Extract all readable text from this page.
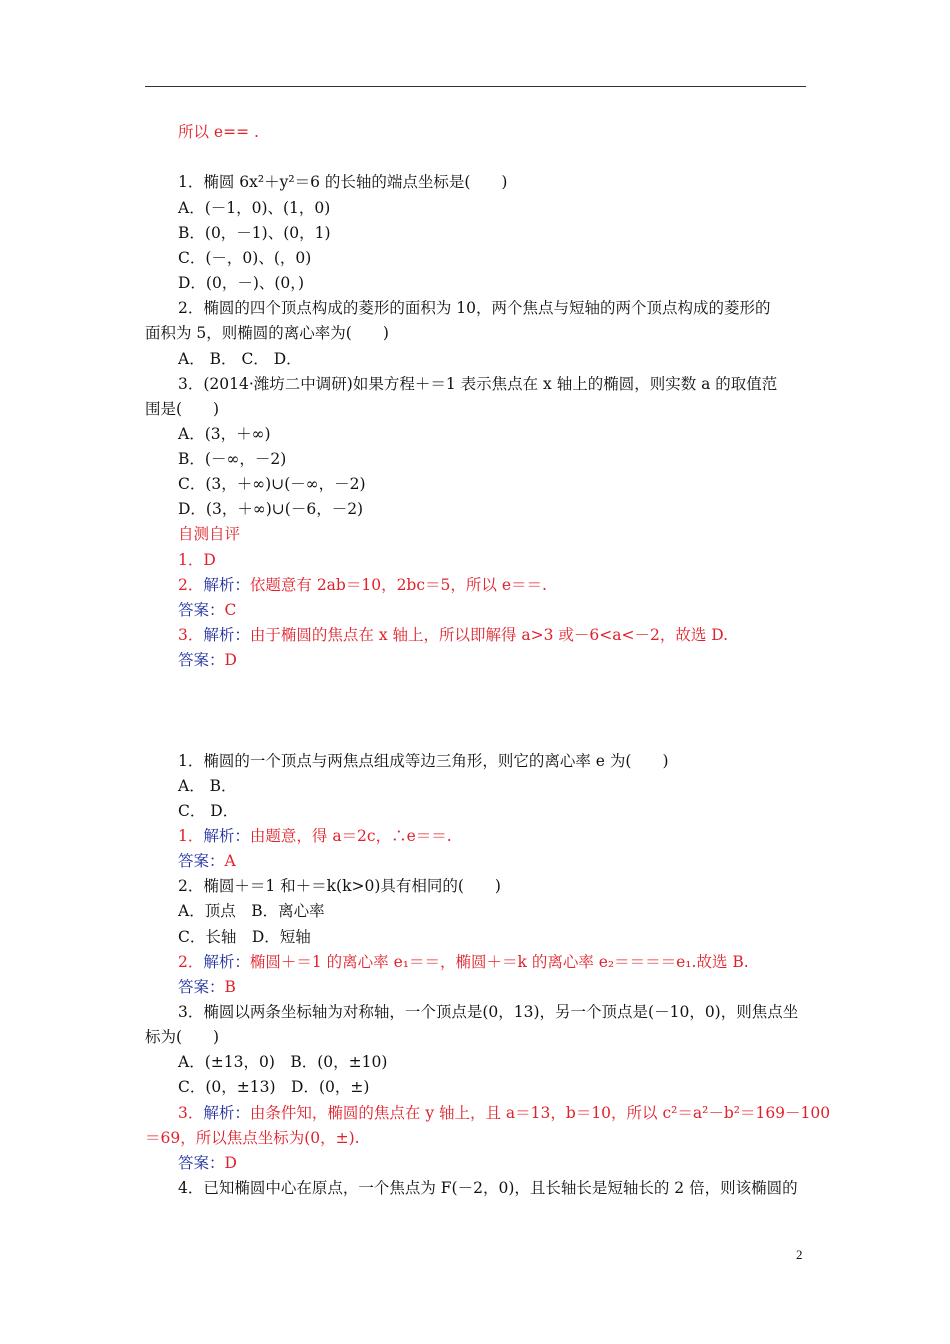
所以 e== .
1．椭圆 6x²＋y²＝6 的长轴的端点坐标是(　　)
A．(－1，0)、(1，0)
B．(0，－1)、(0，1)
C．(－，0)、(，0)
D．(0，－)、(0，)
2．椭圆的四个顶点构成的菱形的面积为 10，两个焦点与短轴的两个顶点构成的菱形的
面积为 5，则椭圆的离心率为(　　)
A． B． C． D．
3．(2014·潍坊二中调研)如果方程＋＝1 表示焦点在 x 轴上的椭圆，则实数 a 的取值范
围是(　　)
A．(3，＋∞)
B．(－∞，－2)
C．(3，＋∞)∪(－∞，－2)
D．(3，＋∞)∪(－6，－2)
自测自评
1．D
2．解析：依题意有 2ab＝10，2bc＝5，所以 e＝＝.
答案：C
3．解析：由于椭圆的焦点在 x 轴上，所以即解得 a>3 或－6<a<－2，故选 D.
答案：D
1．椭圆的一个顶点与两焦点组成等边三角形，则它的离心率 e 为(　　)
A． B．
C． D．
1．解析：由题意，得 a＝2c，∴e＝＝.
答案：A
2．椭圆＋＝1 和＋＝k(k>0)具有相同的(　　)
A．顶点　B．离心率
C．长轴　D．短轴
2．解析：椭圆＋＝1 的离心率 e₁＝＝，椭圆＋＝k 的离心率 e₂＝＝＝＝e₁.故选 B.
答案：B
3．椭圆以两条坐标轴为对称轴，一个顶点是(0，13)，另一个顶点是(－10，0)，则焦点坐
标为(　　)
A．(±13，0)　B．(0，±10)
C．(0，±13)　D．(0，±)
3．解析：由条件知，椭圆的焦点在 y 轴上，且 a＝13，b＝10，所以 c²＝a²－b²＝169－100
＝69，所以焦点坐标为(0，±).
答案：D
4．已知椭圆中心在原点，一个焦点为 F(－2，0)，且长轴长是短轴长的 2 倍，则该椭圆的
2
